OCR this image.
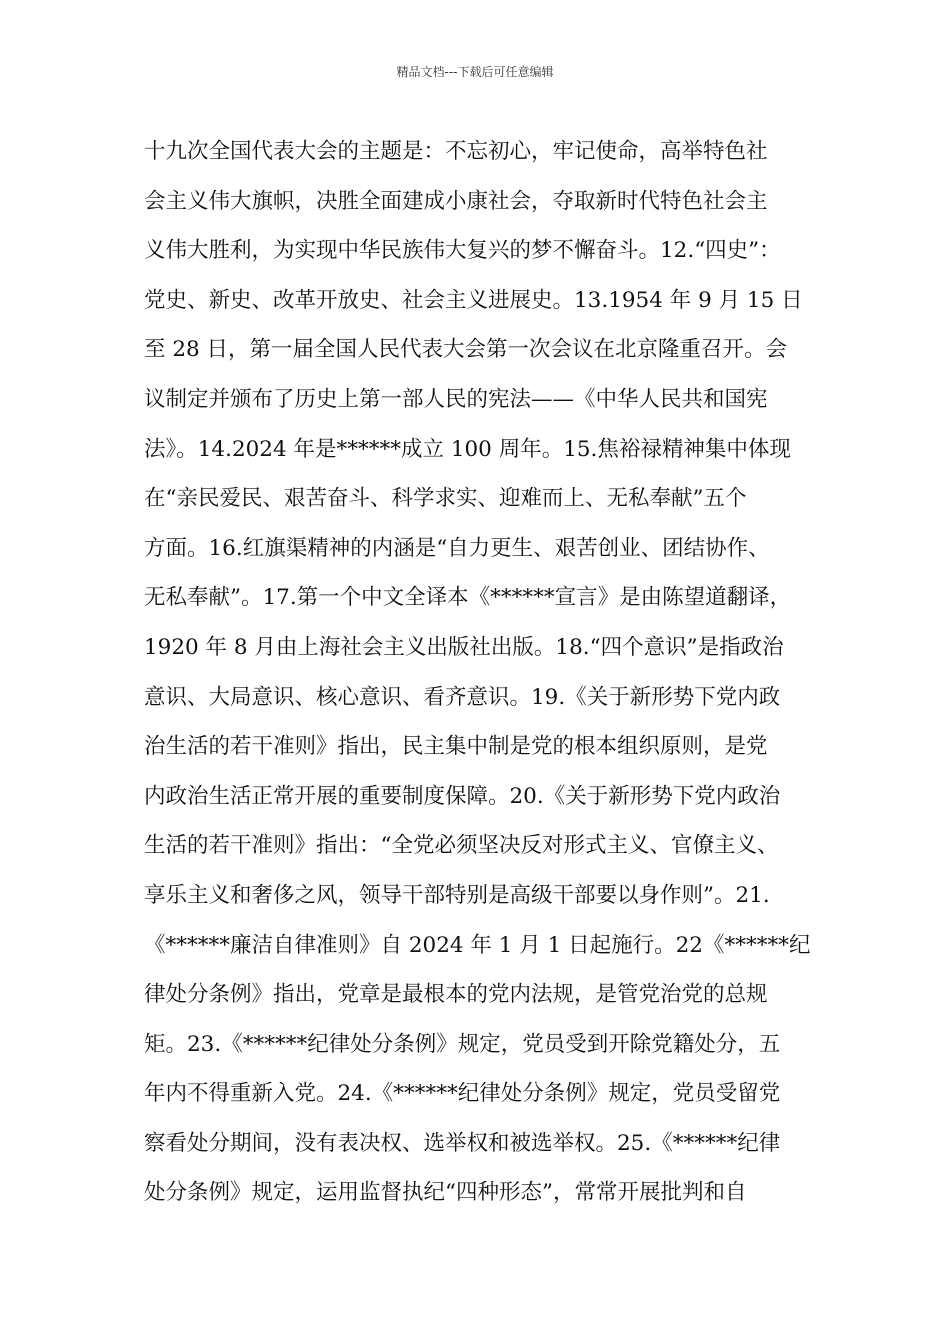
精品文档---下载后可任意编辑
十九次全国代表大会的主题是：不忘初心，牢记使命，高举特色社
会主义伟大旗帜，决胜全面建成小康社会，夺取新时代特色社会主
义伟大胜利，为实现中华民族伟大复兴的梦不懈奋斗。12.“四史”：
党史、新史、改革开放史、社会主义进展史。13.1954 年 9 月 15 日
至 28 日，第一届全国人民代表大会第一次会议在北京隆重召开。会
议制定并颁布了历史上第一部人民的宪法——《中华人民共和国宪
法》。14.2024 年是******成立 100 周年。15.焦裕禄精神集中体现
在“亲民爱民、艰苦奋斗、科学求实、迎难而上、无私奉献”五个
方面。16.红旗渠精神的内涵是“自力更生、艰苦创业、团结协作、
无私奉献”。17.第一个中文全译本《******宣言》是由陈望道翻译，
1920 年 8 月由上海社会主义出版社出版。18.“四个意识”是指政治
意识、大局意识、核心意识、看齐意识。19.《关于新形势下党内政
治生活的若干准则》指出，民主集中制是党的根本组织原则，是党
内政治生活正常开展的重要制度保障。20.《关于新形势下党内政治
生活的若干准则》指出：“全党必须坚决反对形式主义、官僚主义、
享乐主义和奢侈之风，领导干部特别是高级干部要以身作则”。21.
《******廉洁自律准则》自 2024 年 1 月 1 日起施行。22《******纪
律处分条例》指出，党章是最根本的党内法规，是管党治党的总规
矩。23.《******纪律处分条例》规定，党员受到开除党籍处分，五
年内不得重新入党。24.《******纪律处分条例》规定，党员受留党
察看处分期间，没有表决权、选举权和被选举权。25.《******纪律
处分条例》规定，运用监督执纪“四种形态”，常常开展批判和自
